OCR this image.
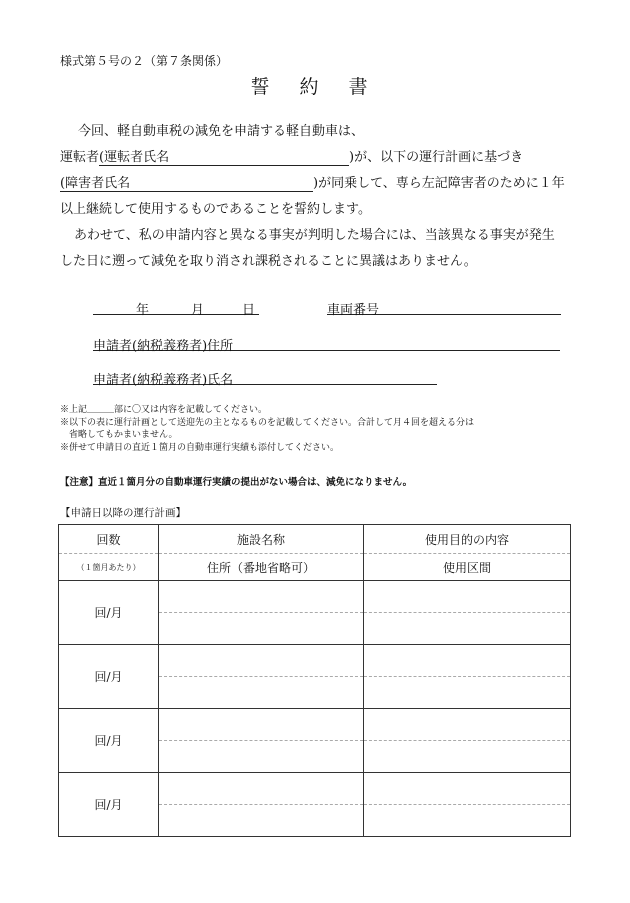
様式第５号の２（第７条関係）
誓 約 書
今回、軽自動車税の減免を申請する軽自動車は、
運転者(運転者氏名	)が、以下の運行計画に基づき
(障害者氏名	)が同乗して、専ら左記障害者のために１年
以上継続して使用するものであることを誓約します。
あわせて、私の申請内容と異なる事実が判明した場合には、当該異なる事実が発生
した日に遡って減免を取り消され課税されることに異議はありません。
年	月	日	車両番号
申請者(納税義務者)住所
申請者(納税義務者)氏名
※上記＿＿＿部に〇又は内容を記載してください。
※以下の表に運行計画として送迎先の主となるものを記載してください。合計して月４回を超える分は
　省略してもかまいません。
※併せて申請日の直近１箇月の自動車運行実績も添付してください。
【注意】直近１箇月分の自動車運行実績の提出がない場合は、減免になりません。
【申請日以降の運行計画】
回数	施設名称	使用目的の内容
（１箇月あたり）	住所（番地省略可）	使用区間
回/月		

回/月		

回/月		

回/月		
